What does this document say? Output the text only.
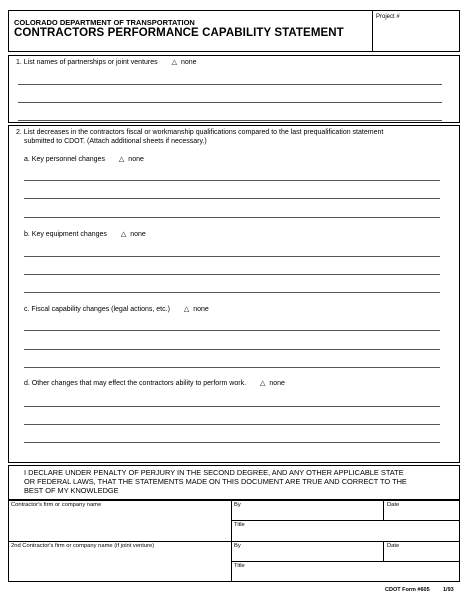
COLORADO DEPARTMENT OF TRANSPORTATION
CONTRACTORS PERFORMANCE CAPABILITY STATEMENT
Project #
1. List names of partnerships or joint ventures △ none
2. List decreases in the contractors fiscal or workmanship qualifications compared to the last prequalification statement
submitted to CDOT. (Attach additional sheets if necessary.)
a. Key personnel changes △ none
b. Key equipment changes △ none
c. Fiscal capability changes (legal actions, etc.) △ none
d. Other changes that may effect the contractors ability to perform work. △ none
I DECLARE UNDER PENALTY OF PERJURY IN THE SECOND DEGREE, AND ANY OTHER APPLICABLE STATE
OR FEDERAL LAWS, THAT THE STATEMENTS MADE ON THIS DOCUMENT ARE TRUE AND CORRECT TO THE
BEST OF MY KNOWLEDGE
Contractor's firm or company name	By	Date
Title
2nd Contractor's firm or company name (if joint venture)	By	Date
Title
CDOT Form #605 1/93
